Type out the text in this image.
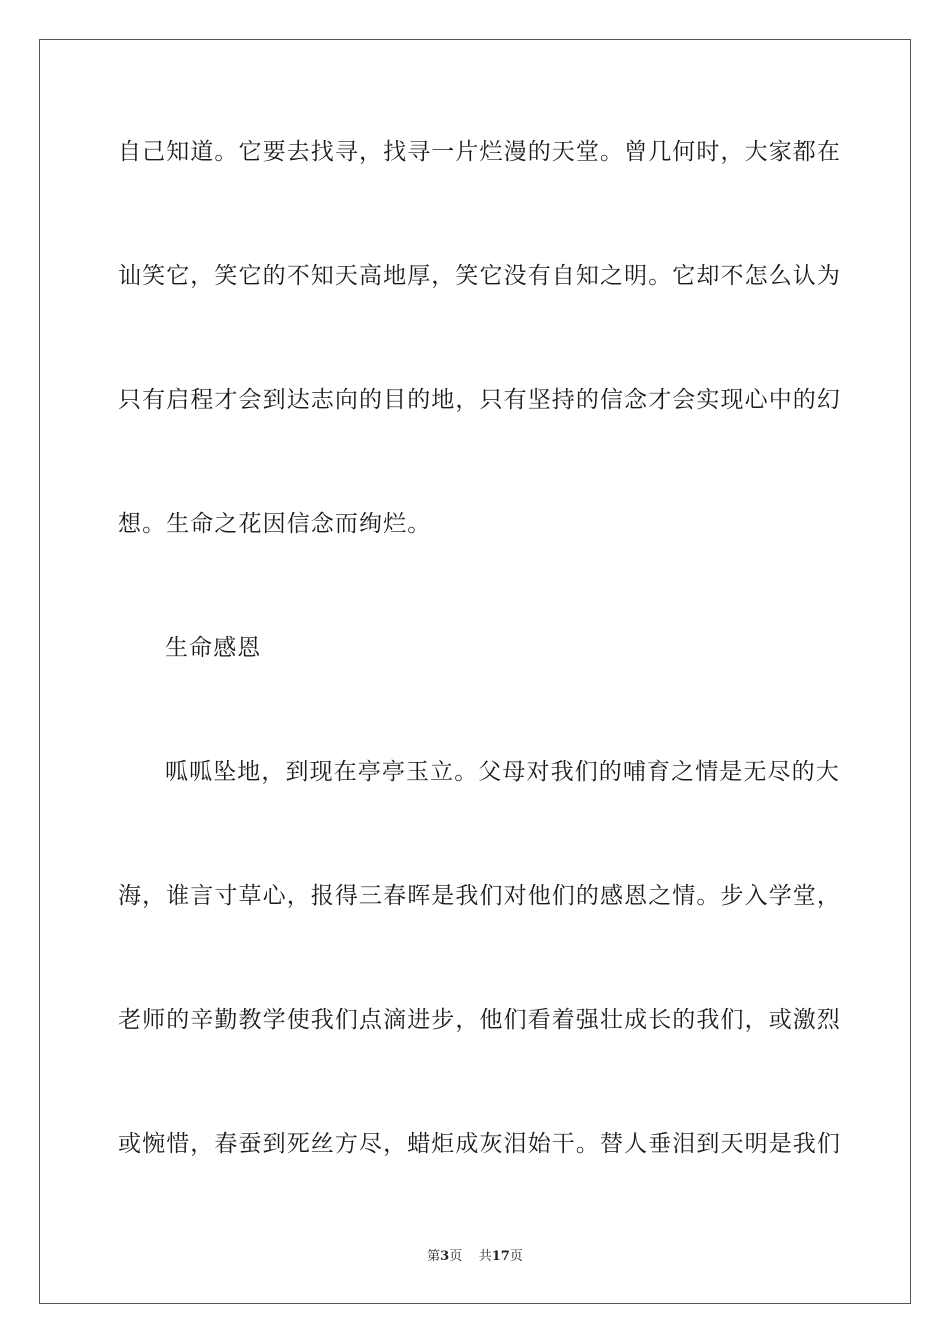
自己知道。它要去找寻，找寻一片烂漫的天堂。曾几何时，大家都在
讪笑它，笑它的不知天高地厚，笑它没有自知之明。它却不怎么认为
只有启程才会到达志向的目的地，只有坚持的信念才会实现心中的幻
想。生命之花因信念而绚烂。
生命感恩
呱呱坠地，到现在亭亭玉立。父母对我们的哺育之情是无尽的大
海，谁言寸草心，报得三春晖是我们对他们的感恩之情。步入学堂，
老师的辛勤教学使我们点滴进步，他们看着强壮成长的我们，或激烈
或惋惜，春蚕到死丝方尽，蜡炬成灰泪始干。替人垂泪到天明是我们
第3页 共17页
